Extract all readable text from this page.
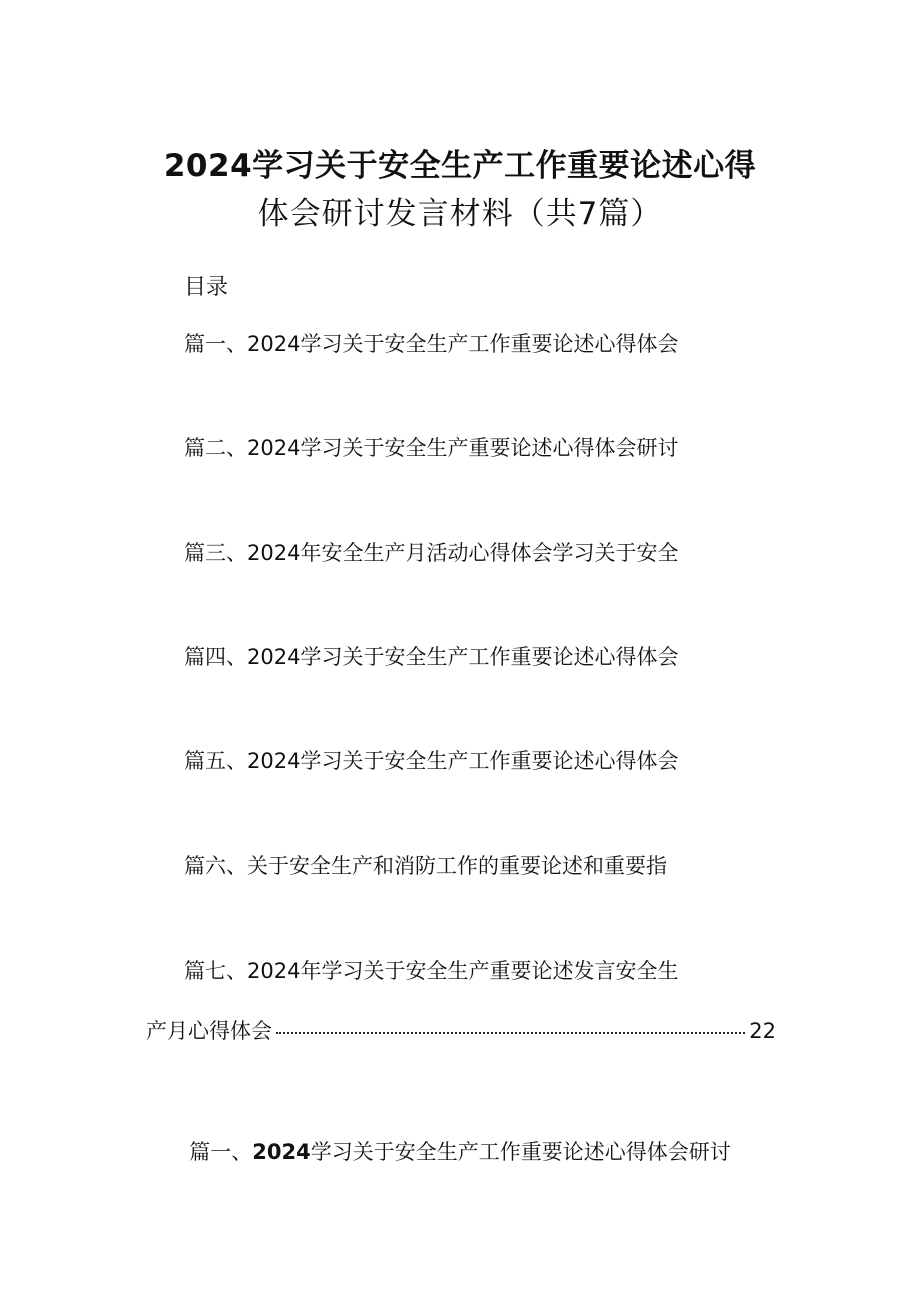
2024学习关于安全生产工作重要论述心得
体会研讨发言材料（共7篇）
目录
篇一、2024学习关于安全生产工作重要论述心得体会
篇二、2024学习关于安全生产重要论述心得体会研讨
篇三、2024年安全生产月活动心得体会学习关于安全
篇四、2024学习关于安全生产工作重要论述心得体会
篇五、2024学习关于安全生产工作重要论述心得体会
篇六、关于安全生产和消防工作的重要论述和重要指
篇七、2024年学习关于安全生产重要论述发言安全生
产月心得体会	22
篇一、2024学习关于安全生产工作重要论述心得体会研讨
